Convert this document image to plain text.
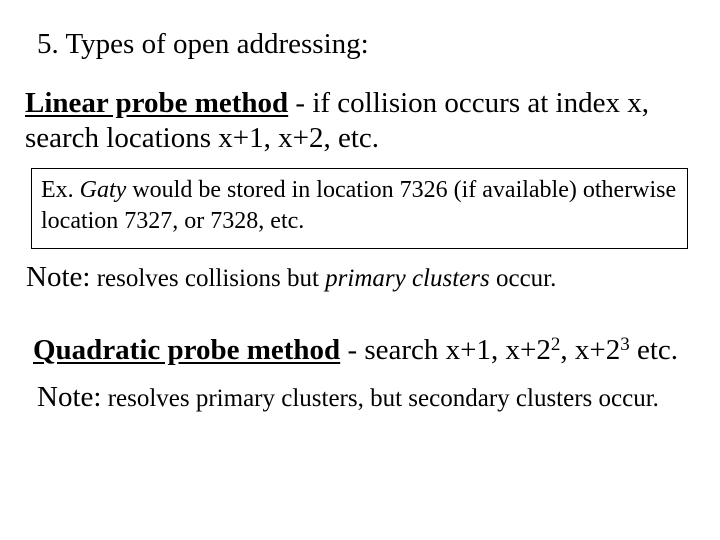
5. Types of open addressing:
Linear probe method - if collision occurs at index x, search locations x+1, x+2, etc.
Ex. Gaty would be stored in location 7326 (if available) otherwise location 7327, or 7328, etc.
Note: resolves collisions but primary clusters occur.
Quadratic probe method - search x+1, $x+2^2$, $x+2^3$ etc.
Note: resolves primary clusters, but secondary clusters occur.
